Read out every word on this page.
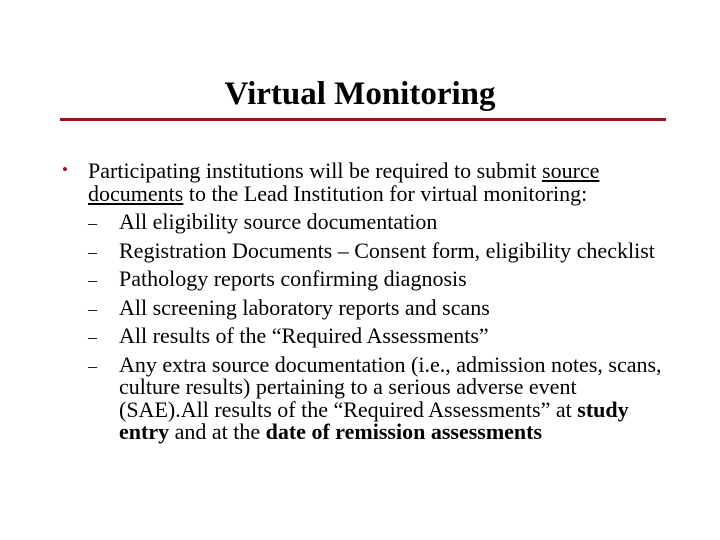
Virtual Monitoring
• Participating institutions will be required to submit source documents to the Lead Institution for virtual monitoring:
– All eligibility source documentation
– Registration Documents – Consent form, eligibility checklist
– Pathology reports confirming diagnosis
– All screening laboratory reports and scans
– All results of the “Required Assessments”
– Any extra source documentation (i.e., admission notes, scans, culture results) pertaining to a serious adverse event (SAE).All results of the “Required Assessments” at study entry and at the date of remission assessments
